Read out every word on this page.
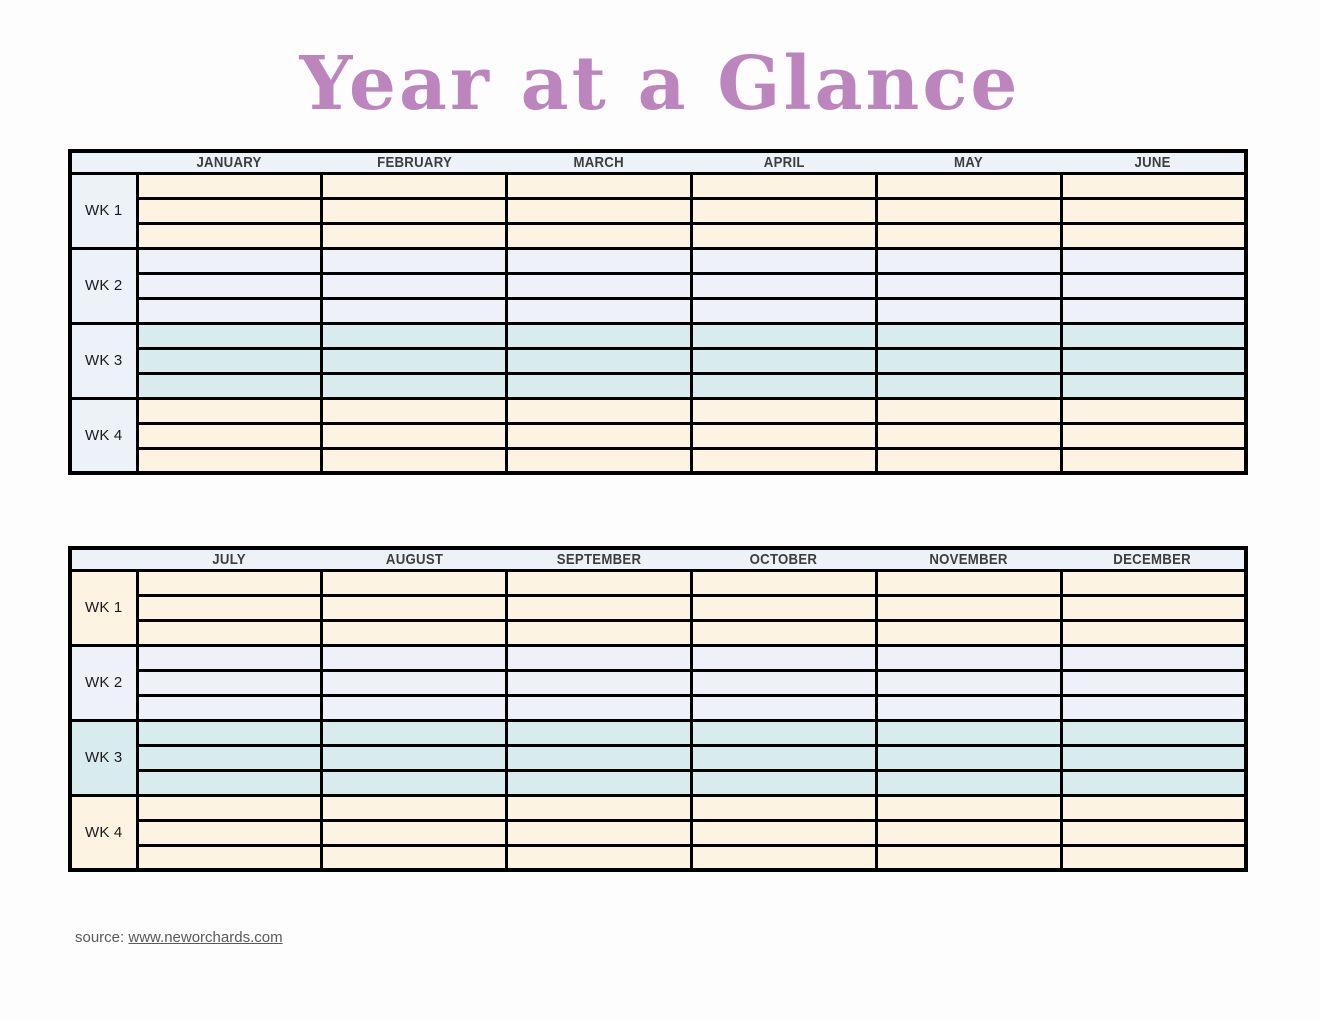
Year at a Glance
	JANUARY	FEBRUARY	MARCH	APRIL	MAY	JUNE
WK 1						

WK 2						

WK 3						

WK 4						

	JULY	AUGUST	SEPTEMBER	OCTOBER	NOVEMBER	DECEMBER
WK 1						

WK 2						

WK 3						

WK 4						

source: www.neworchards.com
